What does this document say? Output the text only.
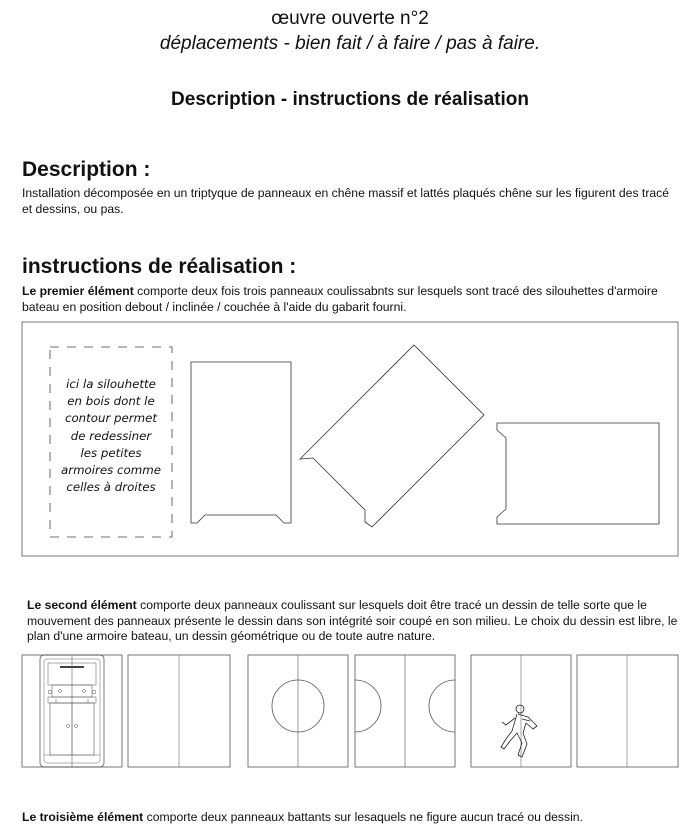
œuvre ouverte n°2
déplacements - bien fait / à faire / pas à faire.
Description - instructions de réalisation
Description :
Installation décomposée en un triptyque de panneaux en chêne massif et lattés plaqués chêne sur les figurent des tracé et dessins, ou pas.
instructions de réalisation :
Le premier élément comporte deux fois trois panneaux coulissabnts sur lesquels sont tracé des silouhettes d'armoire bateau en position debout / inclinée / couchée à l'aide du gabarit fourni.
ici la silouhette
en bois dont le
contour permet
de redessiner
les petites
armoires comme
celles à droites
Le second élément comporte deux panneaux coulissant sur lesquels doit être tracé un dessin de telle sorte que le mouvement des panneaux présente le dessin dans son intégrité soir coupé en son milieu. Le choix du dessin est libre, le plan d'une armoire bateau, un dessin géométrique ou de toute autre nature.
Le troisième élément comporte deux panneaux battants sur lesaquels ne figure aucun tracé ou dessin.
